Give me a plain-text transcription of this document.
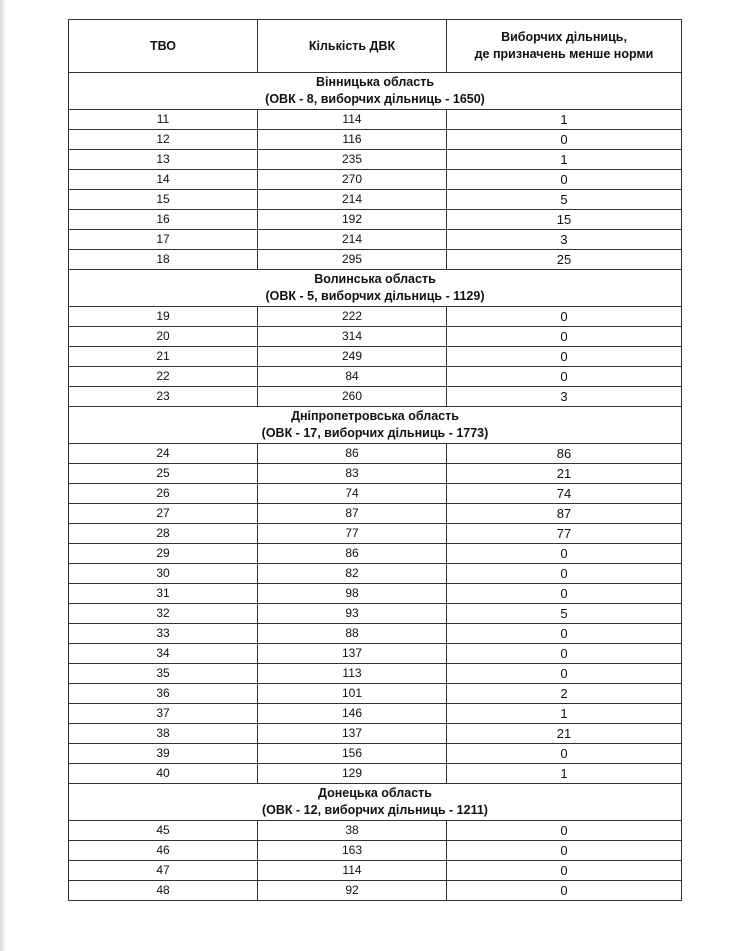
ТВО	Кількість ДВК	Виборчих дільниць,
де призначень менше норми
Вінницька область
(ОВК - 8, виборчих дільниць - 1650)		
11	114	1
12	116	0
13	235	1
14	270	0
15	214	5
16	192	15
17	214	3
18	295	25
Волинська область
(ОВК - 5, виборчих дільниць - 1129)		
19	222	0
20	314	0
21	249	0
22	84	0
23	260	3
Дніпропетровська область
(ОВК - 17, виборчих дільниць - 1773)		
24	86	86
25	83	21
26	74	74
27	87	87
28	77	77
29	86	0
30	82	0
31	98	0
32	93	5
33	88	0
34	137	0
35	113	0
36	101	2
37	146	1
38	137	21
39	156	0
40	129	1
Донецька область
(ОВК - 12, виборчих дільниць - 1211)		
45	38	0
46	163	0
47	114	0
48	92	0
